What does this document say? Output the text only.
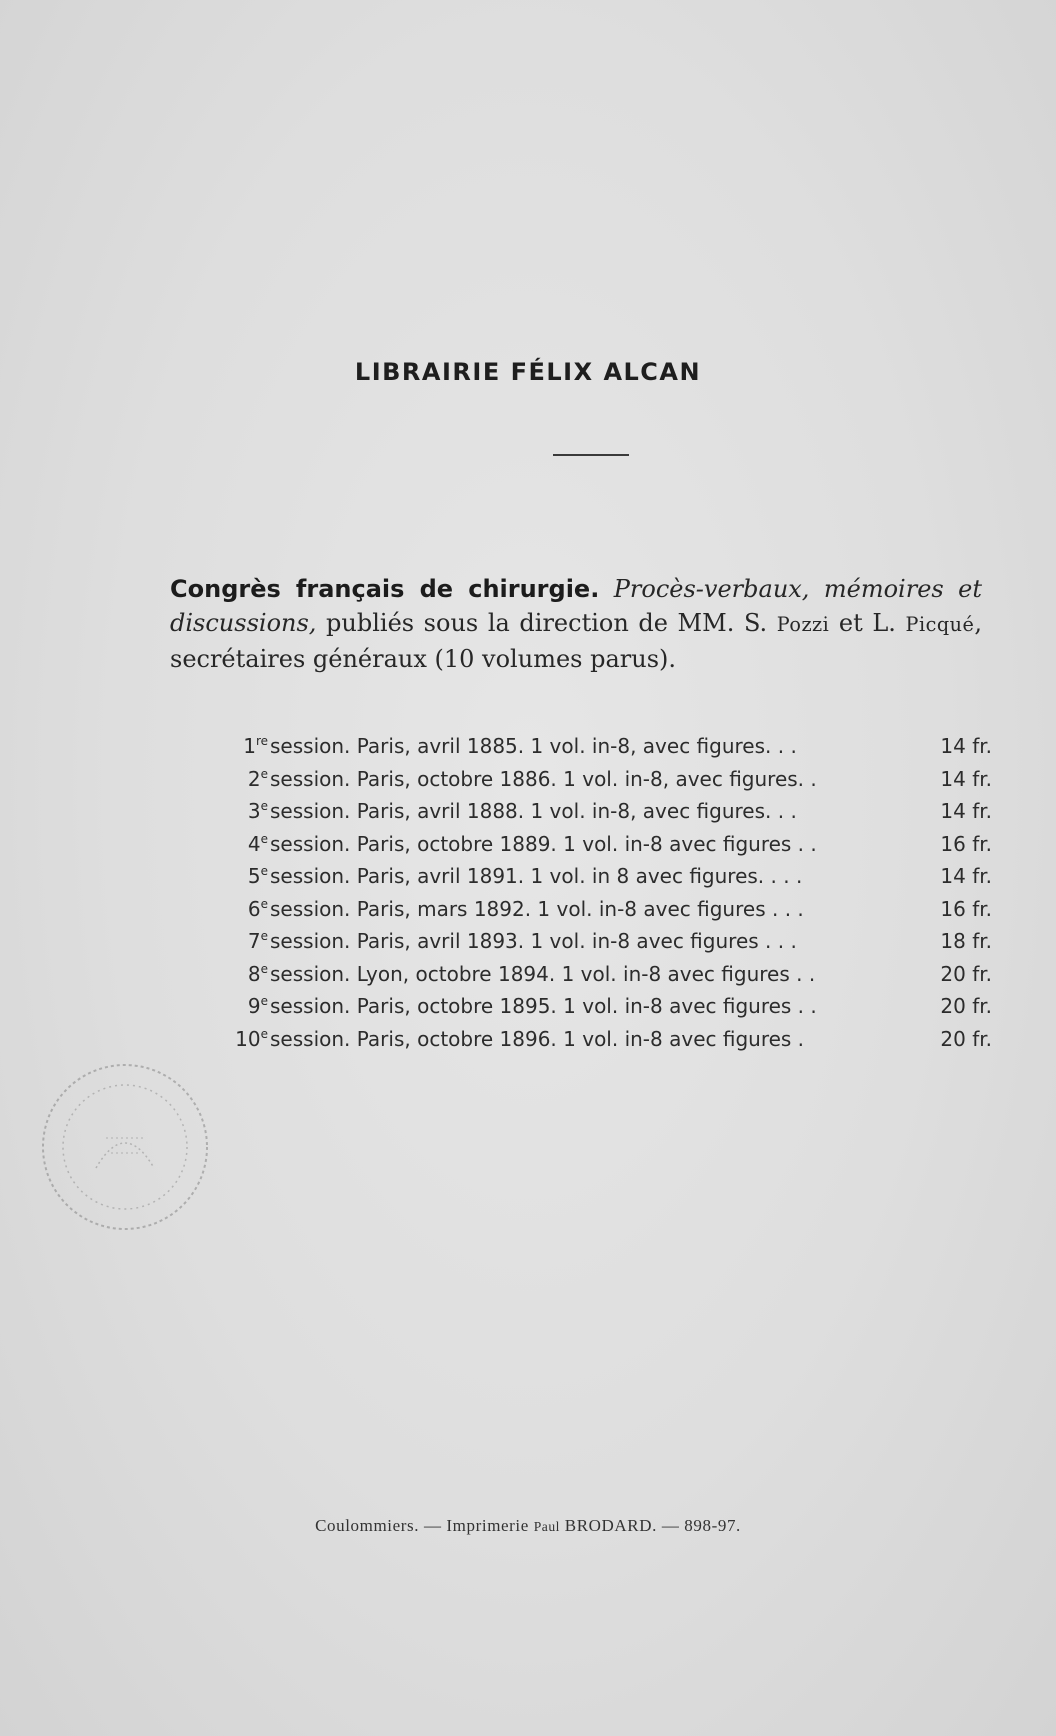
LIBRAIRIE FÉLIX ALCAN

Congrès français de chirurgie. Procès-verbaux, mémoires et discussions, publiés sous la direction de MM. S. Pozzi et L. Picqué, secrétaires généraux (10 volumes parus).

1re session. Paris, avril 1885. 1 vol. in-8, avec figures. . .	14 fr.
2e session. Paris, octobre 1886. 1 vol. in-8, avec figures. .	14 fr.
3e session. Paris, avril 1888. 1 vol. in-8, avec figures. . .	14 fr.
4e session. Paris, octobre 1889. 1 vol. in-8 avec figures . .	16 fr.
5e session. Paris, avril 1891. 1 vol. in 8 avec figures. . . .	14 fr.
6e session. Paris, mars 1892. 1 vol. in-8 avec figures . . .	16 fr.
7e session. Paris, avril 1893. 1 vol. in-8 avec figures . . .	18 fr.
8e session. Lyon, octobre 1894. 1 vol. in-8 avec figures . .	20 fr.
9e session. Paris, octobre 1895. 1 vol. in-8 avec figures . .	20 fr.
10e session. Paris, octobre 1896. 1 vol. in-8 avec figures .	20 fr.
Coulommiers. — Imprimerie Paul BRODARD. — 898-97.
